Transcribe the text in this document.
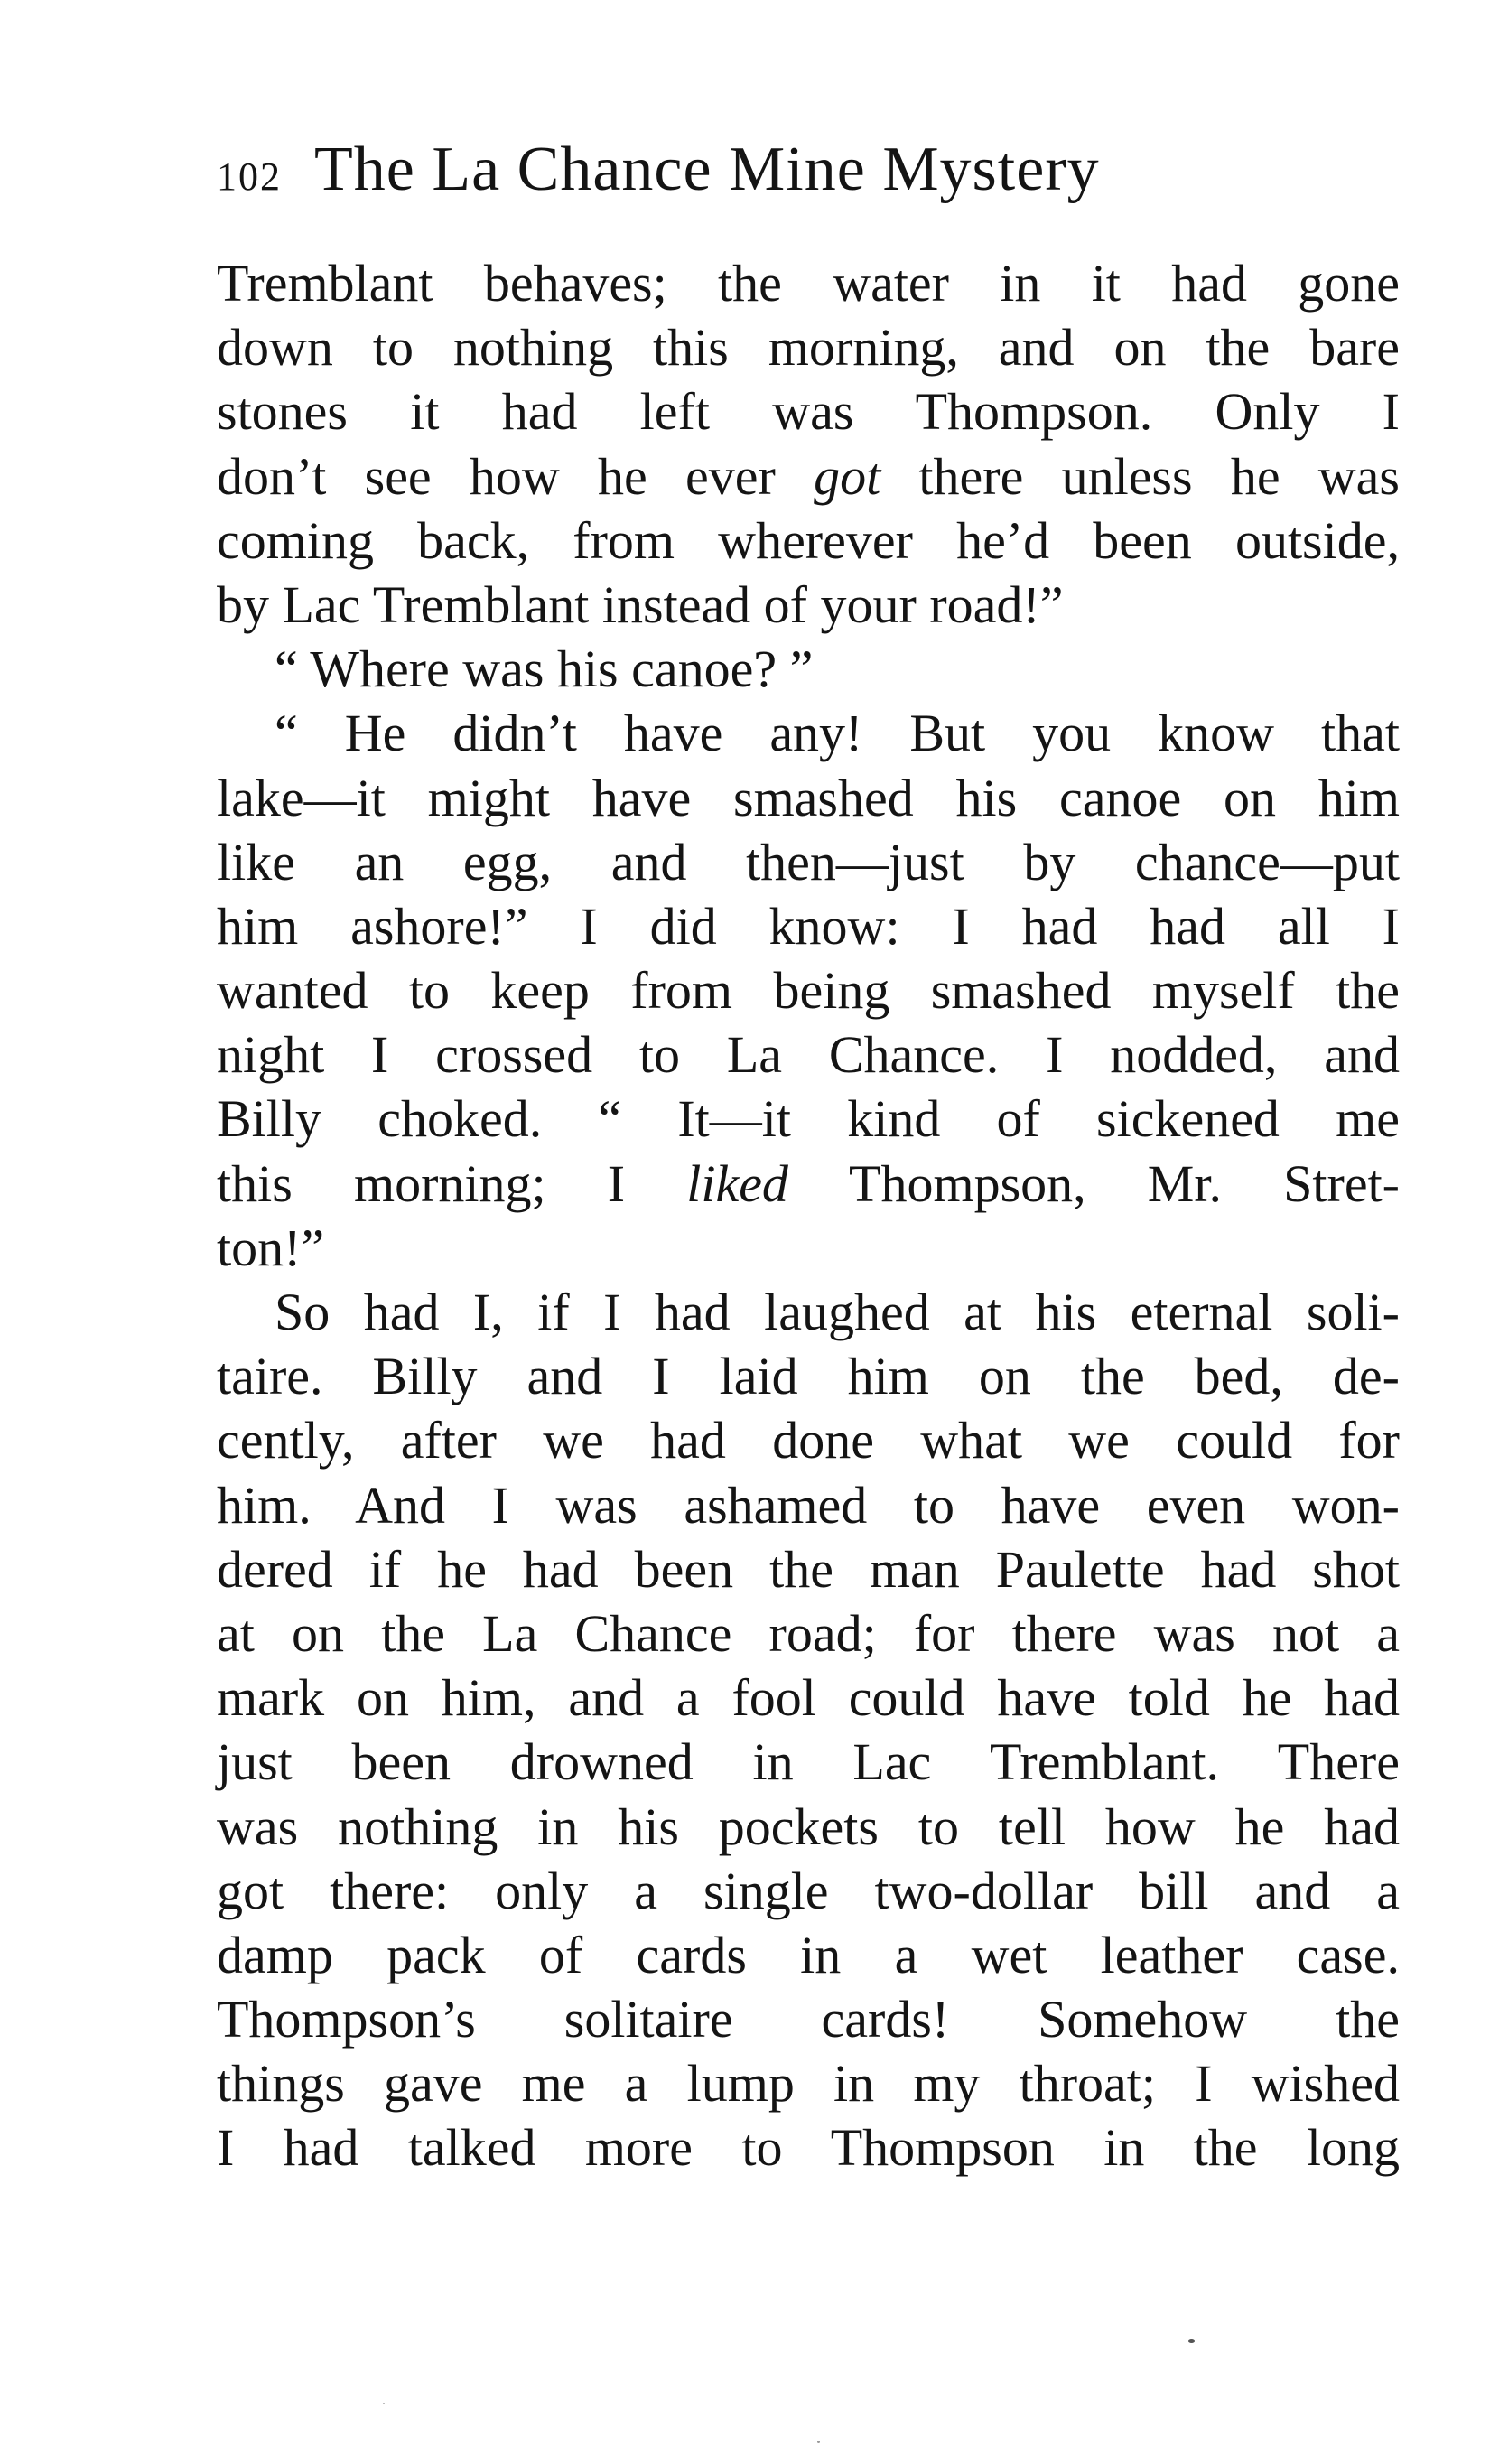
102 The La Chance Mine Mystery
Tremblant behaves; the water in it had gone
down to nothing this morning, and on the bare
stones it had left was Thompson. Only I
don’t see how he ever got there unless he was
coming back, from wherever he’d been outside,
by Lac Tremblant instead of your road!”
“ Where was his canoe? ”
“ He didn’t have any! But you know that
lake—it might have smashed his canoe on him
like an egg, and then—just by chance—put
him ashore!” I did know: I had had all I
wanted to keep from being smashed myself the
night I crossed to La Chance. I nodded, and
Billy choked. “ It—it kind of sickened me
this morning; I liked Thompson, Mr. Stret-
ton!”
So had I, if I had laughed at his eternal soli-
taire. Billy and I laid him on the bed, de-
cently, after we had done what we could for
him. And I was ashamed to have even won-
dered if he had been the man Paulette had shot
at on the La Chance road; for there was not a
mark on him, and a fool could have told he had
just been drowned in Lac Tremblant. There
was nothing in his pockets to tell how he had
got there: only a single two-dollar bill and a
damp pack of cards in a wet leather case.
Thompson’s solitaire cards! Somehow the
things gave me a lump in my throat; I wished
I had talked more to Thompson in the long
